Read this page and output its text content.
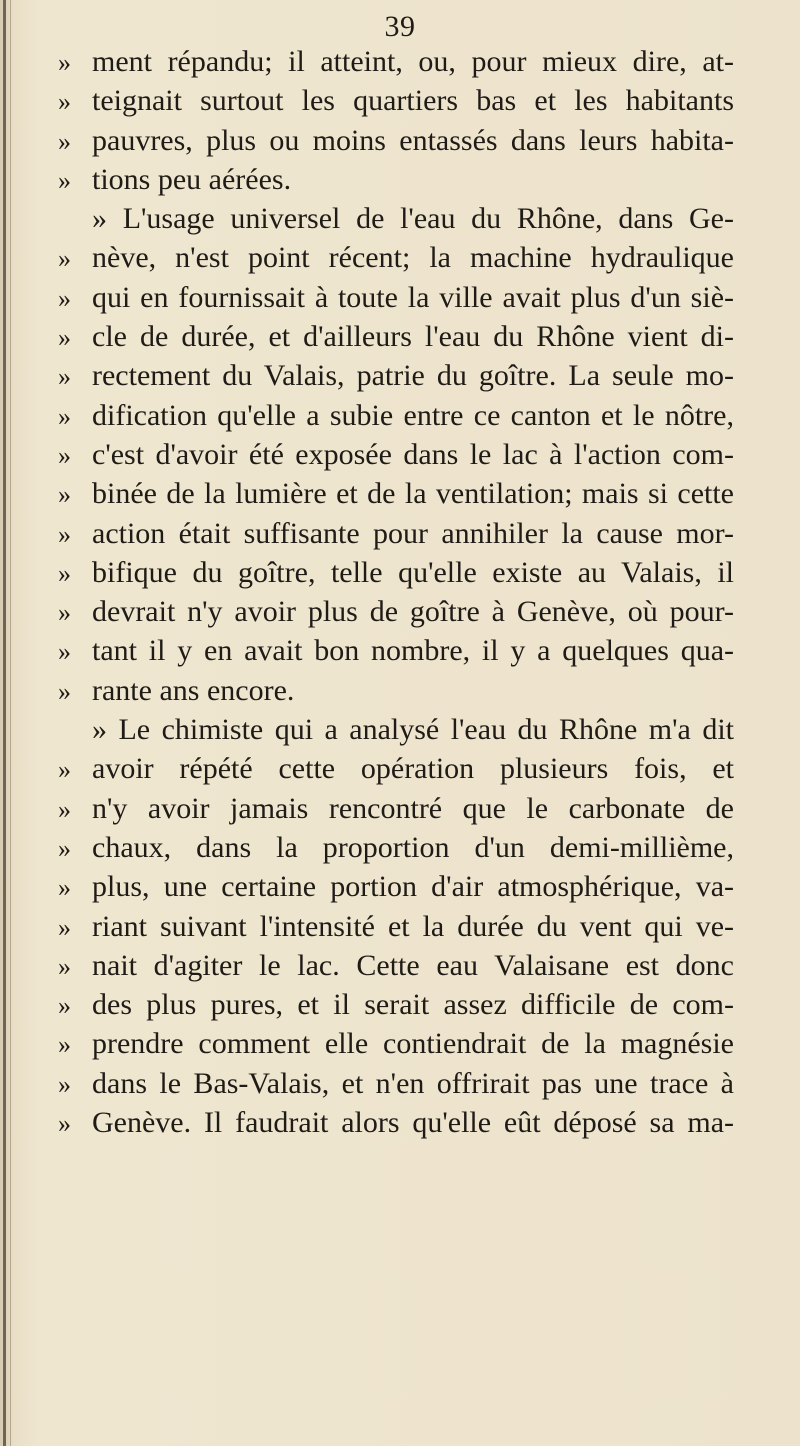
39
» ment répandu; il atteint, ou, pour mieux dire, at-
» teignait surtout les quartiers bas et les habitants
» pauvres, plus ou moins entassés dans leurs habita-
» tions peu aérées.
» L'usage universel de l'eau du Rhône, dans Ge-
» nève, n'est point récent; la machine hydraulique
» qui en fournissait à toute la ville avait plus d'un siè-
» cle de durée, et d'ailleurs l'eau du Rhône vient di-
» rectement du Valais, patrie du goître. La seule mo-
» dification qu'elle a subie entre ce canton et le nôtre,
» c'est d'avoir été exposée dans le lac à l'action com-
» binée de la lumière et de la ventilation; mais si cette
» action était suffisante pour annihiler la cause mor-
» bifique du goître, telle qu'elle existe au Valais, il
» devrait n'y avoir plus de goître à Genève, où pour-
» tant il y en avait bon nombre, il y a quelques qua-
» rante ans encore.
» Le chimiste qui a analysé l'eau du Rhône m'a dit
» avoir répété cette opération plusieurs fois, et
» n'y avoir jamais rencontré que le carbonate de
» chaux, dans la proportion d'un demi-millième,
» plus, une certaine portion d'air atmosphérique, va-
» riant suivant l'intensité et la durée du vent qui ve-
» nait d'agiter le lac. Cette eau Valaisane est donc
» des plus pures, et il serait assez difficile de com-
» prendre comment elle contiendrait de la magnésie
» dans le Bas-Valais, et n'en offrirait pas une trace à
» Genève. Il faudrait alors qu'elle eût déposé sa ma-
